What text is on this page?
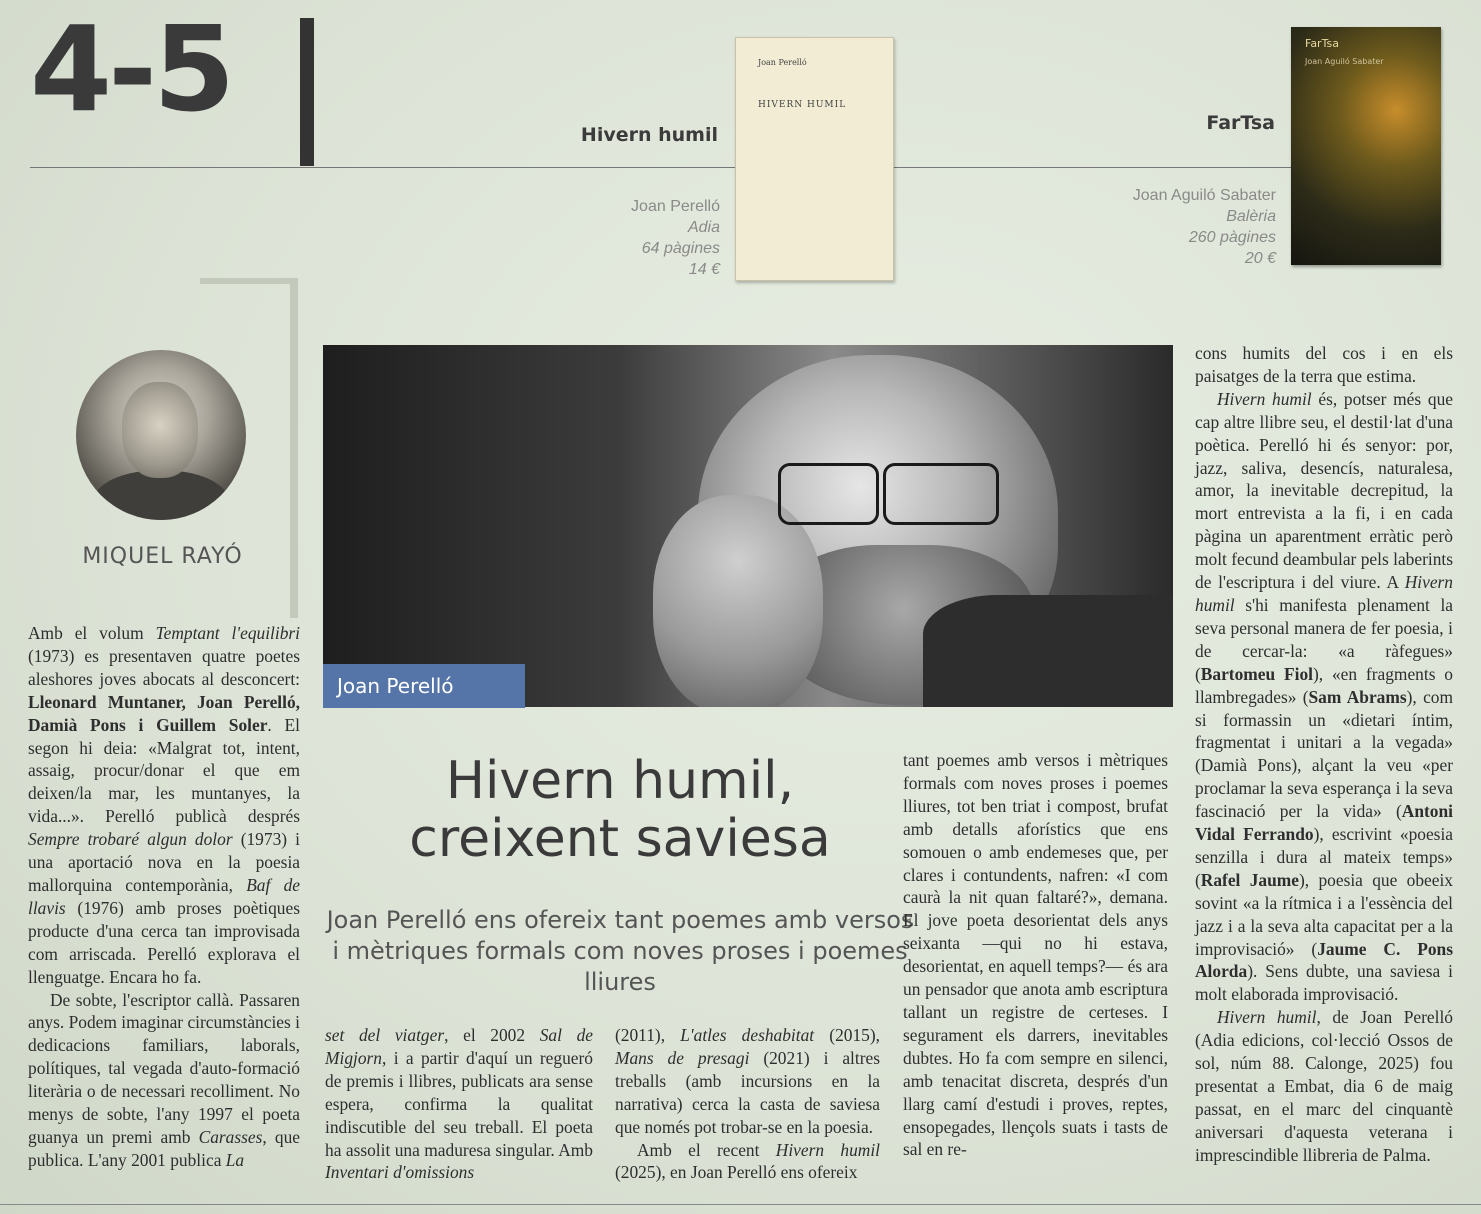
4-5	Hivern humil
Joan Perelló
Adia
64 pàgines
14 €
Joan Perelló
HIVERN HUMIL
FarTsa
Joan Aguiló Sabater
Balèria
260 pàgines
20 €
FarTsa
Joan Aguiló Sabater
MIQUEL RAYÓ
Joan Perelló
Hivern humil,
creixent saviesa
Joan Perelló ens ofereix tant poemes amb versos i mètriques formals com noves proses i poemes lliures

Amb el volum Temptant l'equilibri (1973) es presentaven quatre poetes aleshores joves abocats al desconcert: Lleonard Muntaner, Joan Perelló, Damià Pons i Guillem Soler. El segon hi deia: «Malgrat tot, intent, assaig, procur/donar el que em deixen/la mar, les muntanyes, la vida...». Perelló publicà després Sempre trobaré algun dolor (1973) i una aportació nova en la poesia mallorquina contemporània, Baf de llavis (1976) amb proses poètiques producte d'una cerca tan improvisada com arriscada. Perelló explorava el llenguatge. Encara ho fa.

De sobte, l'escriptor callà. Passaren anys. Podem imaginar circumstàncies i dedicacions familiars, laborals, polítiques, tal vegada d'auto-formació literària o de necessari recolliment. No menys de sobte, l'any 1997 el poeta guanya un premi amb Carasses, que publica. L'any 2001 publica La

set del viatger, el 2002 Sal de Migjorn, i a partir d'aquí un regueró de premis i llibres, publicats ara sense espera, confirma la qualitat indiscutible del seu treball. El poeta ha assolit una maduresa singular. Amb Inventari d'omissions

(2011), L'atles deshabitat (2015), Mans de presagi (2021) i altres treballs (amb incursions en la narrativa) cerca la casta de saviesa que només pot trobar-se en la poesia.

Amb el recent Hivern humil (2025), en Joan Perelló ens ofereix

tant poemes amb versos i mètriques formals com noves proses i poemes lliures, tot ben triat i compost, brufat amb detalls aforístics que ens somouen o amb endemeses que, per clares i contundents, nafren: «I com caurà la nit quan faltaré?», demana. El jove poeta desorientat dels anys seixanta —qui no hi estava, desorientat, en aquell temps?— és ara un pensador que anota amb escriptura tallant un registre de certeses. I segurament els darrers, inevitables dubtes. Ho fa com sempre en silenci, amb tenacitat discreta, després d'un llarg camí d'estudi i proves, reptes, ensopegades, llençols suats i tasts de sal en re-

cons humits del cos i en els paisatges de la terra que estima.

Hivern humil és, potser més que cap altre llibre seu, el destil·lat d'una poètica. Perelló hi és senyor: por, jazz, saliva, desencís, naturalesa, amor, la inevitable decrepitud, la mort entrevista a la fi, i en cada pàgina un aparentment erràtic però molt fecund deambular pels laberints de l'escriptura i del viure. A Hivern humil s'hi manifesta plenament la seva personal manera de fer poesia, i de cercar-la: «a ràfegues» (Bartomeu Fiol), «en fragments o llambregades» (Sam Abrams), com si formassin un «dietari íntim, fragmentat i unitari a la vegada» (Damià Pons), alçant la veu «per proclamar la seva esperança i la seva fascinació per la vida» (Antoni Vidal Ferrando), escrivint «poesia senzilla i dura al mateix temps» (Rafel Jaume), poesia que obeeix sovint «a la rítmica i a l'essència del jazz i a la seva alta capacitat per a la improvisació» (Jaume C. Pons Alorda). Sens dubte, una saviesa i molt elaborada improvisació.

Hivern humil, de Joan Perelló (Adia edicions, col·lecció Ossos de sol, núm 88. Calonge, 2025) fou presentat a Embat, dia 6 de maig passat, en el marc del cinquantè aniversari d'aquesta veterana i imprescindible llibreria de Palma.
